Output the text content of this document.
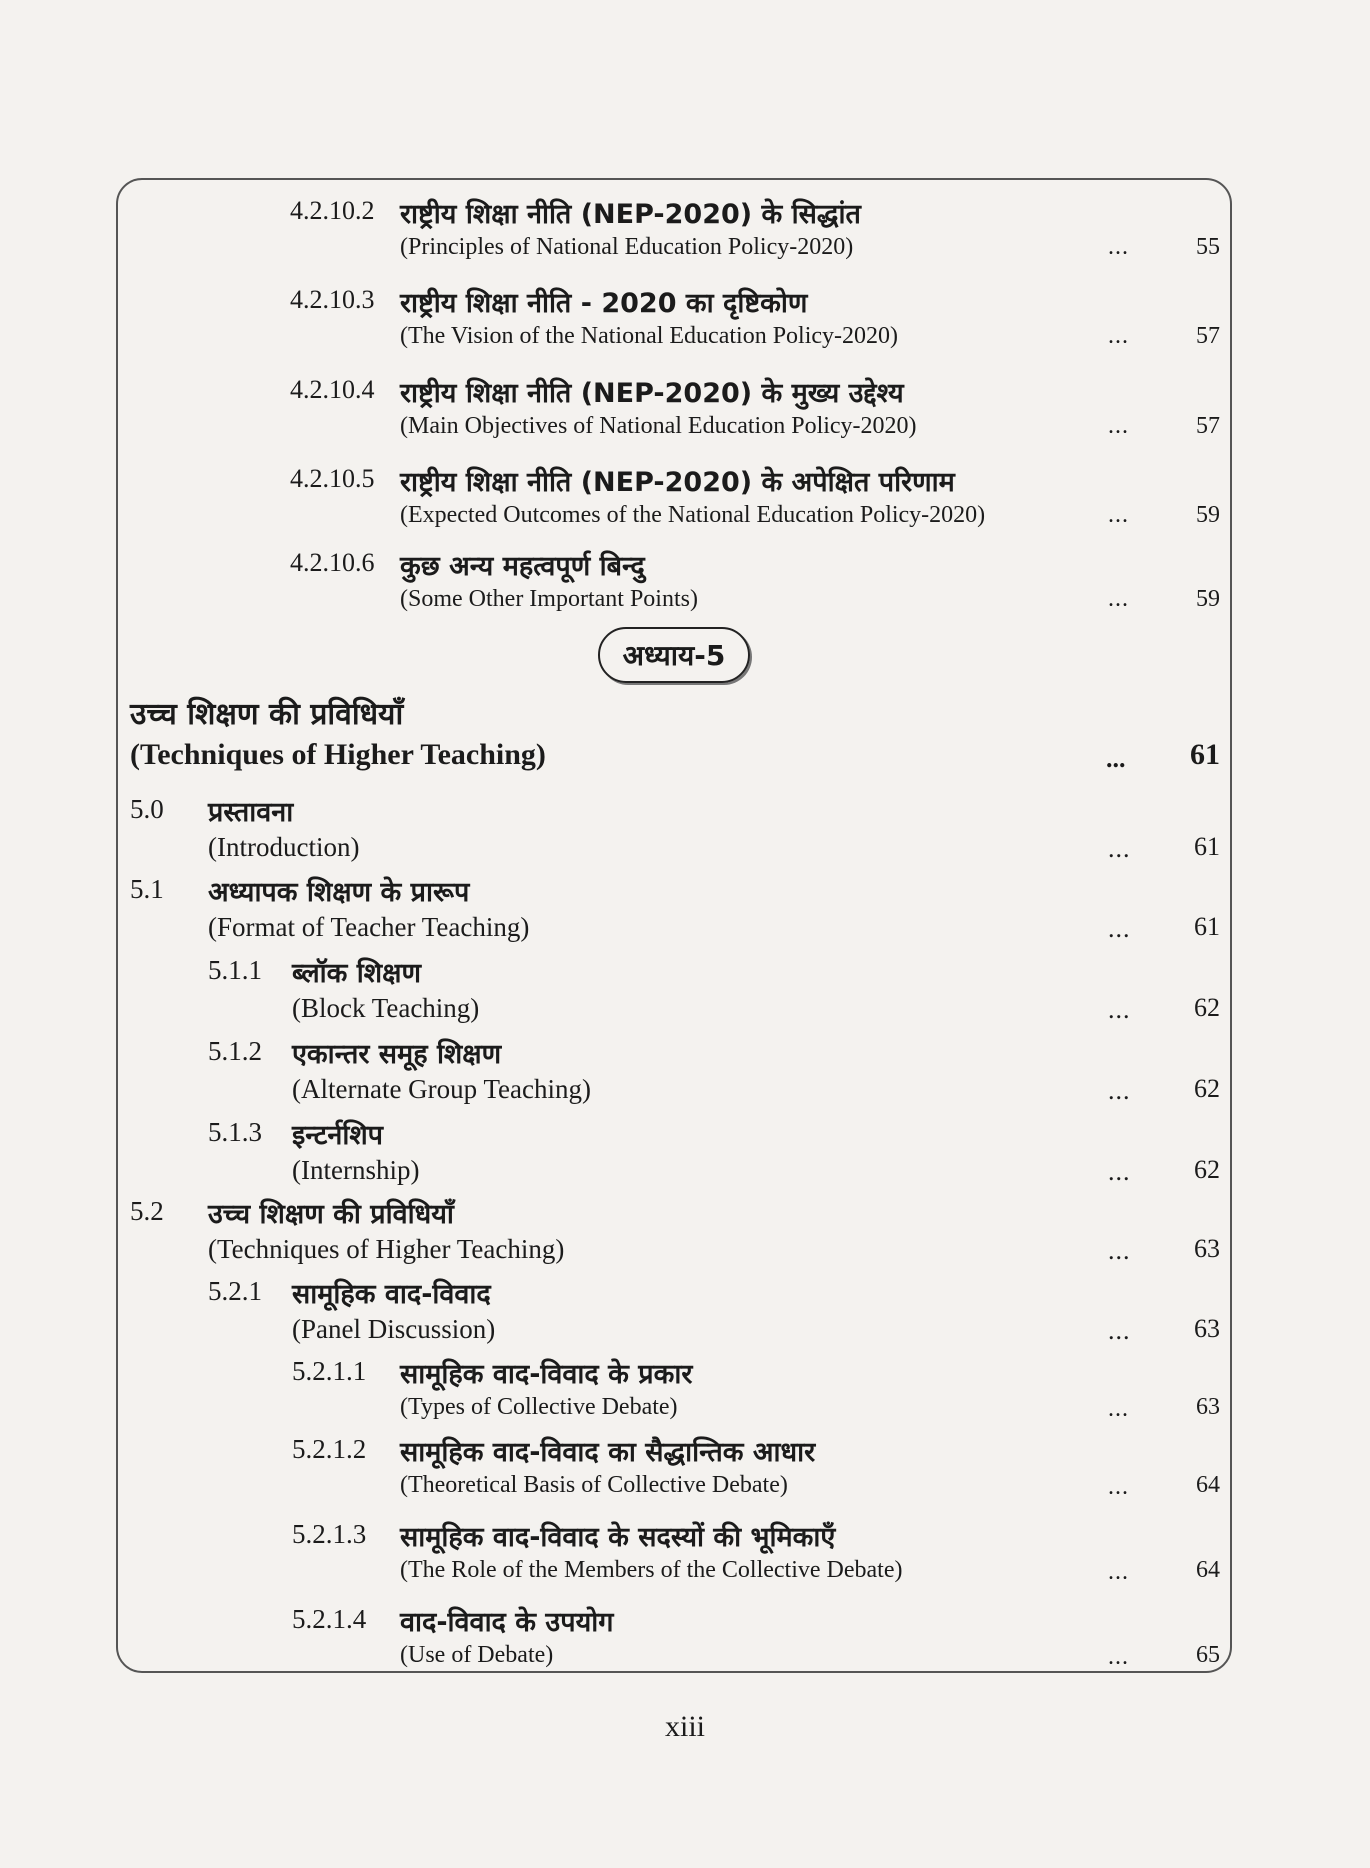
4.2.10.2 राष्ट्रीय शिक्षा नीति (NEP-2020) के सिद्धांत
(Principles of National Education Policy-2020)	...	55
4.2.10.3 राष्ट्रीय शिक्षा नीति - 2020 का दृष्टिकोण
(The Vision of the National Education Policy-2020)	...	57
4.2.10.4 राष्ट्रीय शिक्षा नीति (NEP-2020) के मुख्य उद्देश्य
(Main Objectives of National Education Policy-2020)	...	57
4.2.10.5 राष्ट्रीय शिक्षा नीति (NEP-2020) के अपेक्षित परिणाम
(Expected Outcomes of the National Education Policy-2020)	...	59
4.2.10.6 कुछ अन्य महत्वपूर्ण बिन्दु
(Some Other Important Points)	...	59
अध्याय-5
उच्च शिक्षण की प्रविधियाँ
(Techniques of Higher Teaching)	... 61
5.0 प्रस्तावना
(Introduction)	... 61
5.1 अध्यापक शिक्षण के प्रारूप
(Format of Teacher Teaching)	... 61
5.1.1 ब्लॉक शिक्षण
(Block Teaching)	... 62
5.1.2 एकान्तर समूह शिक्षण
(Alternate Group Teaching)	... 62
5.1.3 इन्टर्नशिप
(Internship)	... 62
5.2 उच्च शिक्षण की प्रविधियाँ
(Techniques of Higher Teaching)	... 63
5.2.1 सामूहिक वाद-विवाद
(Panel Discussion)	... 63
5.2.1.1 सामूहिक वाद-विवाद के प्रकार
(Types of Collective Debate)	...	63
5.2.1.2 सामूहिक वाद-विवाद का सैद्धान्तिक आधार
(Theoretical Basis of Collective Debate)	...	64
5.2.1.3 सामूहिक वाद-विवाद के सदस्यों की भूमिकाएँ
(The Role of the Members of the Collective Debate)	...	64
5.2.1.4 वाद-विवाद के उपयोग
(Use of Debate)	...	65
xiii
